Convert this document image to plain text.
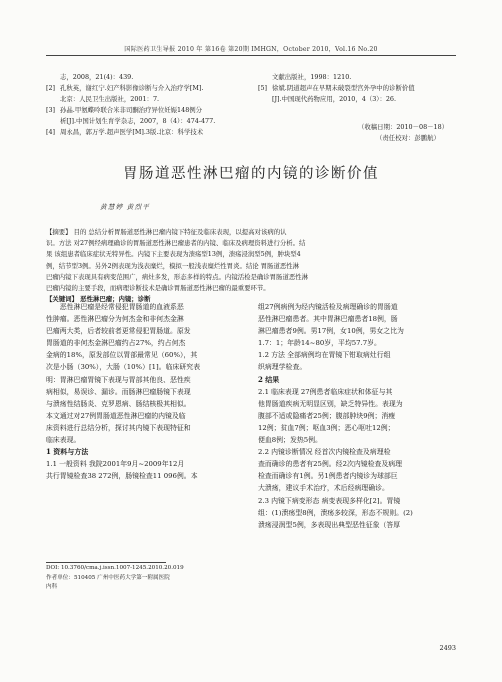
国际医药卫生导报 2010 年 第16卷 第20期 IMHGN，October 2010，Vol.16 No.20
志，2008，21(4)：439.
[2] 孔秋英，谢红宁.妇产科影像诊断与介入治疗学[M].
北京：人民卫生出版社，2001：7.
[3] 孙晶.甲氨蝶呤联合米非司酮治疗异位妊娠148例分
析[J].中国计划生育学杂志，2007，8（4）：474-477.
[4] 周永昌，郭万学.超声医学[M].3版.北京：科学技术
文献出版社，1998：1210.
[5] 徐斌.阴道超声在早期未破裂型宫外孕中的诊断价值
[J].中国现代药物应用，2010，4（3）：26.
（收稿日期：2010－08－18）
（责任校对：彭鹏航）
胃肠道恶性淋巴瘤的内镜的诊断价值
黄慧婷 黄烈平
【摘要】 目的 总结分析胃肠道恶性淋巴瘤内镜下特征及临床表现，以提高对该病的认
识。方法 对27例经病理确诊的胃肠道恶性淋巴瘤患者的内镜、临床及病理资料进行分析。结
果 该组患者临床症状无特异性。内镜下主要表现为溃疡型13例，溃疡浸润型5例，肿块型4
例，结节型3例。另外2例表现为浅表糜烂，模拟一般浅表糜烂性胃炎。结论 胃肠道恶性淋
巴瘤内镜下表现具有病变范围广，病灶多发，形态多样的特点。内镜活检是确诊胃肠道恶性淋
巴瘤内镜的主要手段，而病理诊断技术是确诊胃肠道恶性淋巴瘤的最重要环节。
【关键词】 恶性淋巴瘤；内镜；诊断

恶性淋巴瘤是经常侵犯胃肠道的血液系恶

性肿瘤。恶性淋巴瘤分为何杰金和非何杰金淋

巴瘤两大类，后者较前者更常侵犯胃肠道。原发

胃肠道的非何杰金淋巴瘤约占27%，约占何杰

金病的18%，原发部位以胃部最常见（60%），其

次是小肠（30%），大肠（10%）[1]。临床研究表

明：胃淋巴瘤胃镜下表现与胃部其他良、恶性疾

病相似，易误诊、漏诊。而肠淋巴瘤肠镜下表现

与溃疡性结肠炎、克罗恩病、肠结核极其相似。

本文通过对27例胃肠道恶性淋巴瘤的内镜及临

床资料进行总结分析，探讨其内镜下表现特征和

临床表现。

1 资料与方法

1.1 一般资料 我院2001年9月~2009年12月

共行胃镜检查38 272例，肠镜检查11 096例。本

DOI: 10.3760/cma.j.issn.1007-1245.2010.20.019
作者单位：510405 广州中医药大学第一附属医院
内科

组27例病例为经内镜活检及病理确诊的胃肠道

恶性淋巴瘤患者。其中胃淋巴瘤患者18例，肠

淋巴瘤患者9例。男17例，女10例，男女之比为

1.7：1；年龄14~80岁，平均57.7岁。

1.2 方法 全部病例均在胃镜下钳取病灶行组

织病理学检查。

2 结果

2.1 临床表现 27例患者临床症状和体征与其

他胃肠道疾病无明显区别，缺乏特异性。表现为

腹部不适或隐痛者25例；腹部肿块9例；消瘦

12例；贫血7例；呕血3例；恶心呕吐12例；

便血8例；发热5例。

2.2 内镜诊断情况 经首次内镜检查及病理检

查而确诊的患者有25例。经2次内镜检查及病理

检查而确诊有1例。另1例患者内镜诊为球部巨

大溃疡，建议手术治疗，术后经病理确诊。

2.3 内镜下病变形态 病变表现多样化[2]。胃镜

组：(1)溃疡型8例，溃疡多较深，形态不规则。(2)

溃疡浸润型5例，多表现出典型恶性征象（答厚

2493
